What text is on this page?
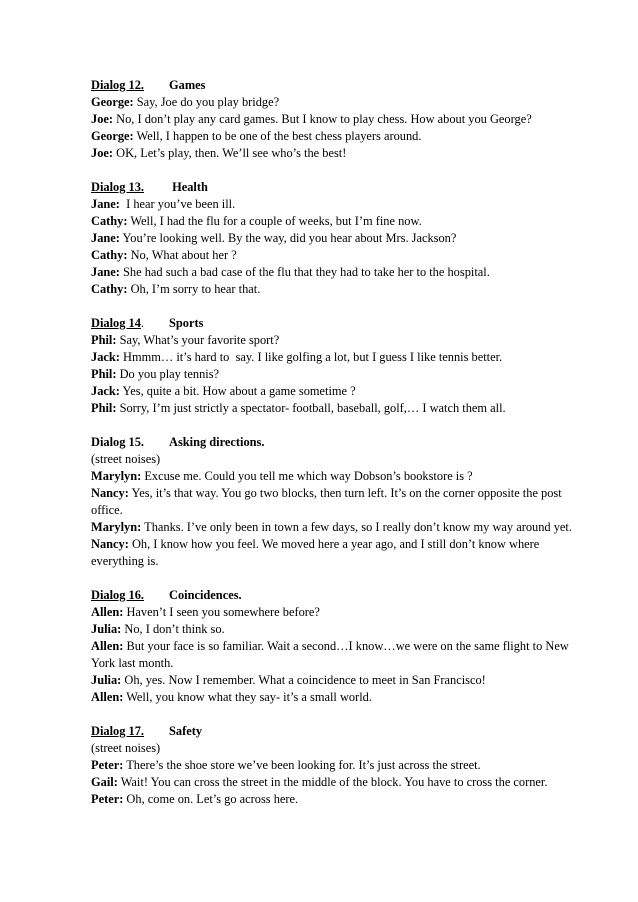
Dialog 12. Games

George: Say, Joe do you play bridge?

Joe: No, I don’t play any card games. But I know to play chess. How about you George?

George: Well, I happen to be one of the best chess players around.

Joe: OK, Let’s play, then. We’ll see who’s the best!

Dialog 13. Health

Jane:  I hear you’ve been ill.

Cathy: Well, I had the flu for a couple of weeks, but I’m fine now.

Jane: You’re looking well. By the way, did you hear about Mrs. Jackson?

Cathy: No, What about her ?

Jane: She had such a bad case of the flu that they had to take her to the hospital.

Cathy: Oh, I’m sorry to hear that.

Dialog 14. Sports

Phil: Say, What’s your favorite sport?

Jack: Hmmm… it’s hard to  say. I like golfing a lot, but I guess I like tennis better.

Phil: Do you play tennis?

Jack: Yes, quite a bit. How about a game sometime ?

Phil: Sorry, I’m just strictly a spectator- football, baseball, golf,… I watch them all.

Dialog 15. Asking directions.

(street noises)

Marylyn: Excuse me. Could you tell me which way Dobson’s bookstore is ?

Nancy: Yes, it’s that way. You go two blocks, then turn left. It’s on the corner opposite the post office.

Marylyn: Thanks. I’ve only been in town a few days, so I really don’t know my way around yet.

Nancy: Oh, I know how you feel. We moved here a year ago, and I still don’t know where everything is.

Dialog 16. Coincidences.

Allen: Haven’t I seen you somewhere before?

Julia: No, I don’t think so.

Allen: But your face is so familiar. Wait a second…I know…we were on the same flight to New York last month.

Julia: Oh, yes. Now I remember. What a coincidence to meet in San Francisco!

Allen: Well, you know what they say- it’s a small world.

Dialog 17. Safety

(street noises)

Peter: There’s the shoe store we’ve been looking for. It’s just across the street.

Gail: Wait! You can cross the street in the middle of the block. You have to cross the corner.

Peter: Oh, come on. Let’s go across here.
